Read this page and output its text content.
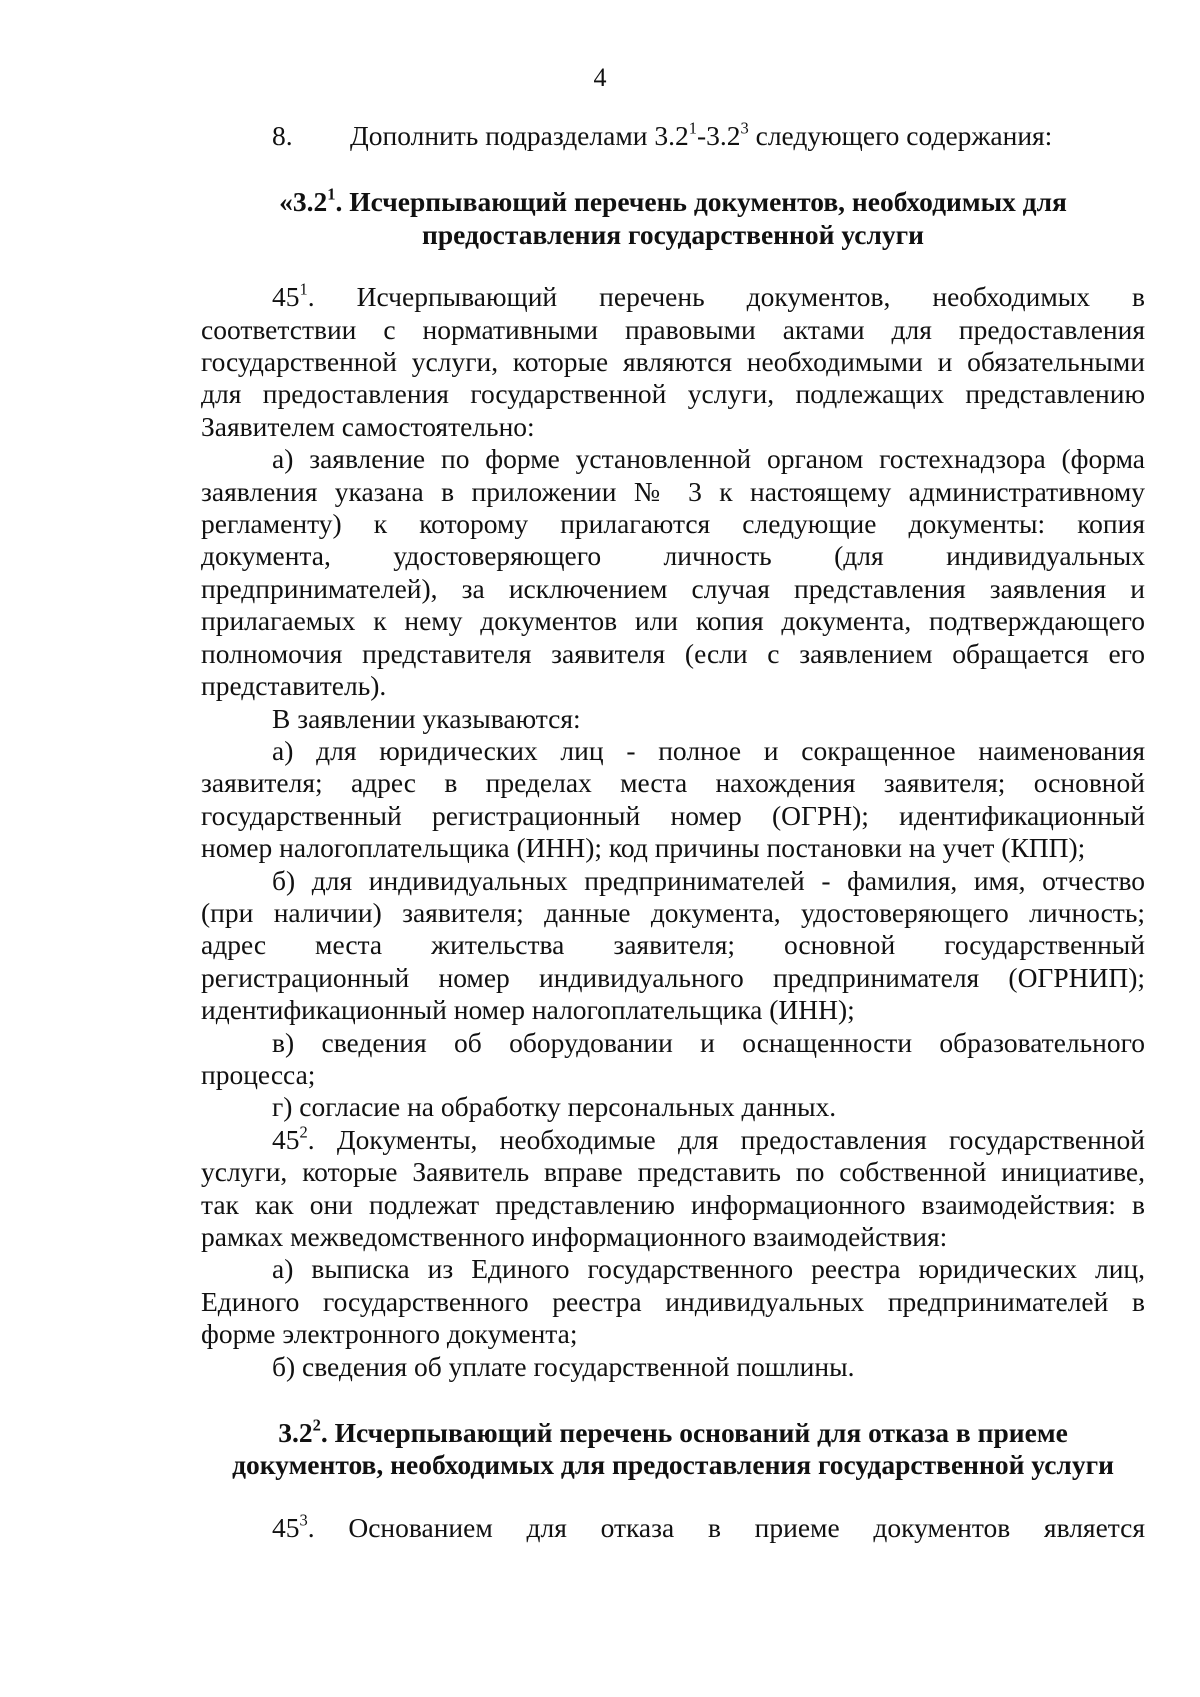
4
8.	Дополнить подразделами $3.2^1-3.2^3$ следующего содержания:
«$3.2^1$. Исчерпывающий перечень документов, необходимых для
предоставления государственной услуги
$45^1$. Исчерпывающий перечень документов, необходимых в
соответствии с нормативными правовыми актами для предоставления
государственной услуги, которые являются необходимыми и обязательными
для предоставления государственной услуги, подлежащих представлению
Заявителем самостоятельно:
а) заявление по форме установленной органом гостехнадзора (форма
заявления указана в приложении № 3 к настоящему административному
регламенту) к которому прилагаются следующие документы: копия
документа, удостоверяющего личность (для индивидуальных
предпринимателей), за исключением случая представления заявления и
прилагаемых к нему документов или копия документа, подтверждающего
полномочия представителя заявителя (если с заявлением обращается его
представитель).
В заявлении указываются:
а) для юридических лиц - полное и сокращенное наименования
заявителя; адрес в пределах места нахождения заявителя; основной
государственный регистрационный номер (ОГРН); идентификационный
номер налогоплательщика (ИНН); код причины постановки на учет (КПП);
б) для индивидуальных предпринимателей - фамилия, имя, отчество
(при наличии) заявителя; данные документа, удостоверяющего личность;
адрес места жительства заявителя; основной государственный
регистрационный номер индивидуального предпринимателя (ОГРНИП);
идентификационный номер налогоплательщика (ИНН);
в) сведения об оборудовании и оснащенности образовательного
процесса;
г) согласие на обработку персональных данных.
$45^2$. Документы, необходимые для предоставления государственной
услуги, которые Заявитель вправе представить по собственной инициативе,
так как они подлежат представлению информационного взаимодействия: в
рамках межведомственного информационного взаимодействия:
а) выписка из Единого государственного реестра юридических лиц,
Единого государственного реестра индивидуальных предпринимателей в
форме электронного документа;
б) сведения об уплате государственной пошлины.
$3.2^2$. Исчерпывающий перечень оснований для отказа в приеме
документов, необходимых для предоставления государственной услуги
$45^3$. Основанием для отказа в приеме документов является
